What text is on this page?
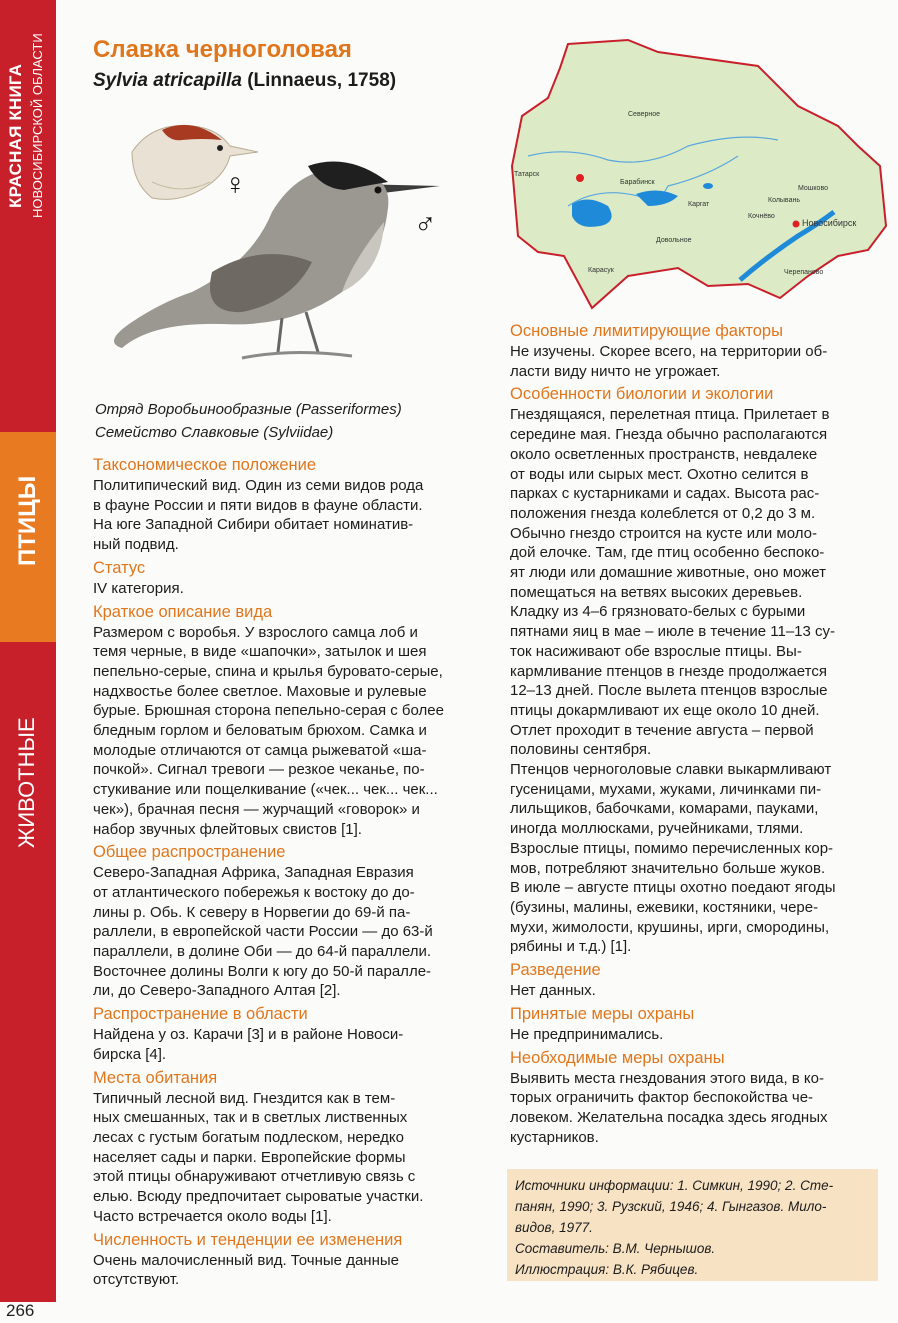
КРАСНАЯ КНИГА НОВОСИБИРСКОЙ ОБЛАСТИ
ПТИЦЫ
ЖИВОТНЫЕ
266
Славка черноголовая
Sylvia atricapilla (Linnaeus, 1758)
♀
♂
Северное
Татарск
Барабинск
Каргат
Мошково
Колывань
Новосибирск
Кочнёво
Довольное
Карасук	Черепаново
Отряд Воробьинообразные (Passeriformes)
Семейство Славковые (Sylviidae)
Таксономическое положение
Политипический вид. Один из семи видов рода
в фауне России и пяти видов в фауне области.
На юге Западной Сибири обитает номинатив-
ный подвид.
Статус
IV категория.
Краткое описание вида
Размером с воробья. У взрослого самца лоб и
темя черные, в виде «шапочки», затылок и шея
пепельно-серые, спина и крылья буровато-серые,
надхвостье более светлое. Маховые и рулевые
бурые. Брюшная сторона пепельно-серая с более
бледным горлом и беловатым брюхом. Самка и
молодые отличаются от самца рыжеватой «ша-
почкой». Сигнал тревоги — резкое чеканье, по-
стукивание или пощелкивание («чек... чек... чек...
чек»), брачная песня — журчащий «говорок» и
набор звучных флейтовых свистов [1].
Общее распространение
Северо-Западная Африка, Западная Евразия
от атлантического побережья к востоку до до-
лины р. Обь. К северу в Норвегии до 69-й па-
раллели, в европейской части России — до 63-й
параллели, в долине Оби — до 64-й параллели.
Восточнее долины Волги к югу до 50-й паралле-
ли, до Северо-Западного Алтая [2].
Распространение в области
Найдена у оз. Карачи [3] и в районе Новоси-
бирска [4].
Места обитания
Типичный лесной вид. Гнездится как в тем-
ных смешанных, так и в светлых лиственных
лесах с густым богатым подлеском, нередко
населяет сады и парки. Европейские формы
этой птицы обнаруживают отчетливую связь с
елью. Всюду предпочитает сыроватые участки.
Часто встречается около воды [1].
Численность и тенденции ее изменения
Очень малочисленный вид. Точные данные
отсутствуют.
Основные лимитирующие факторы
Не изучены. Скорее всего, на территории об-
ласти виду ничто не угрожает.
Особенности биологии и экологии
Гнездящаяся, перелетная птица. Прилетает в
середине мая. Гнезда обычно располагаются
около осветленных пространств, невдалеке
от воды или сырых мест. Охотно селится в
парках с кустарниками и садах. Высота рас-
положения гнезда колеблется от 0,2 до 3 м.
Обычно гнездо строится на кусте или моло-
дой елочке. Там, где птиц особенно беспоко-
ят люди или домашние животные, оно может
помещаться на ветвях высоких деревьев.
Кладку из 4–6 грязновато-белых с бурыми
пятнами яиц в мае – июле в течение 11–13 су-
ток насиживают обе взрослые птицы. Вы-
кармливание птенцов в гнезде продолжается
12–13 дней. После вылета птенцов взрослые
птицы докармливают их еще около 10 дней.
Отлет проходит в течение августа – первой
половины сентября.
Птенцов черноголовые славки выкармливают
гусеницами, мухами, жуками, личинками пи-
лильщиков, бабочками, комарами, пауками,
иногда моллюсками, ручейниками, тлями.
Взрослые птицы, помимо перечисленных кор-
мов, потребляют значительно больше жуков.
В июле – августе птицы охотно поедают ягоды
(бузины, малины, ежевики, костяники, чере-
мухи, жимолости, крушины, ирги, смородины,
рябины и т.д.) [1].
Разведение
Нет данных.
Принятые меры охраны
Не предпринимались.
Необходимые меры охраны
Выявить места гнездования этого вида, в ко-
торых ограничить фактор беспокойства че-
ловеком. Желательна посадка здесь ягодных
кустарников.
Источники информации: 1. Симкин, 1990; 2. Сте-
панян, 1990; 3. Рузский, 1946; 4. Гынгазов. Мило-
видов, 1977.
Составитель: В.М. Чернышов.
Иллюстрация: В.К. Рябицев.
